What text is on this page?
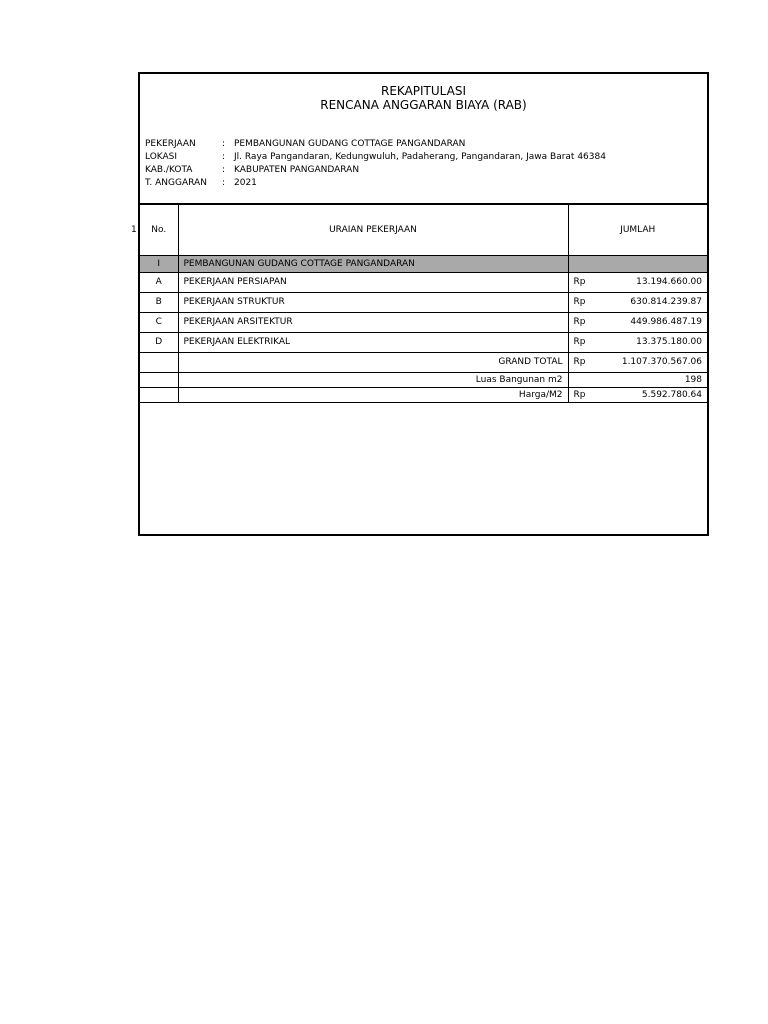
REKAPITULASI
RENCANA ANGGARAN BIAYA (RAB)
PEKERJAAN	: PEMBANGUNAN GUDANG COTTAGE PANGANDARAN
LOKASI	: Jl. Raya Pangandaran, Kedungwuluh, Padaherang, Pangandaran, Jawa Barat 46384
KAB./KOTA	: KABUPATEN PANGANDARAN
T. ANGGARAN	: 2021
No.	URAIAN PEKERJAAN	JUMLAH	
I	PEMBANGUNAN GUDANG COTTAGE PANGANDARAN		
A	PEKERJAAN PERSIAPAN	Rp	13.194.660.00
B	PEKERJAAN STRUKTUR	Rp	630.814.239.87
C	PEKERJAAN ARSITEKTUR	Rp	449.986.487.19
D	PEKERJAAN ELEKTRIKAL	Rp	13.375.180.00
	GRAND TOTAL	Rp	1.107.370.567.06
	Luas Bangunan m2	198	
	Harga/M2	Rp	5.592.780.64
1
